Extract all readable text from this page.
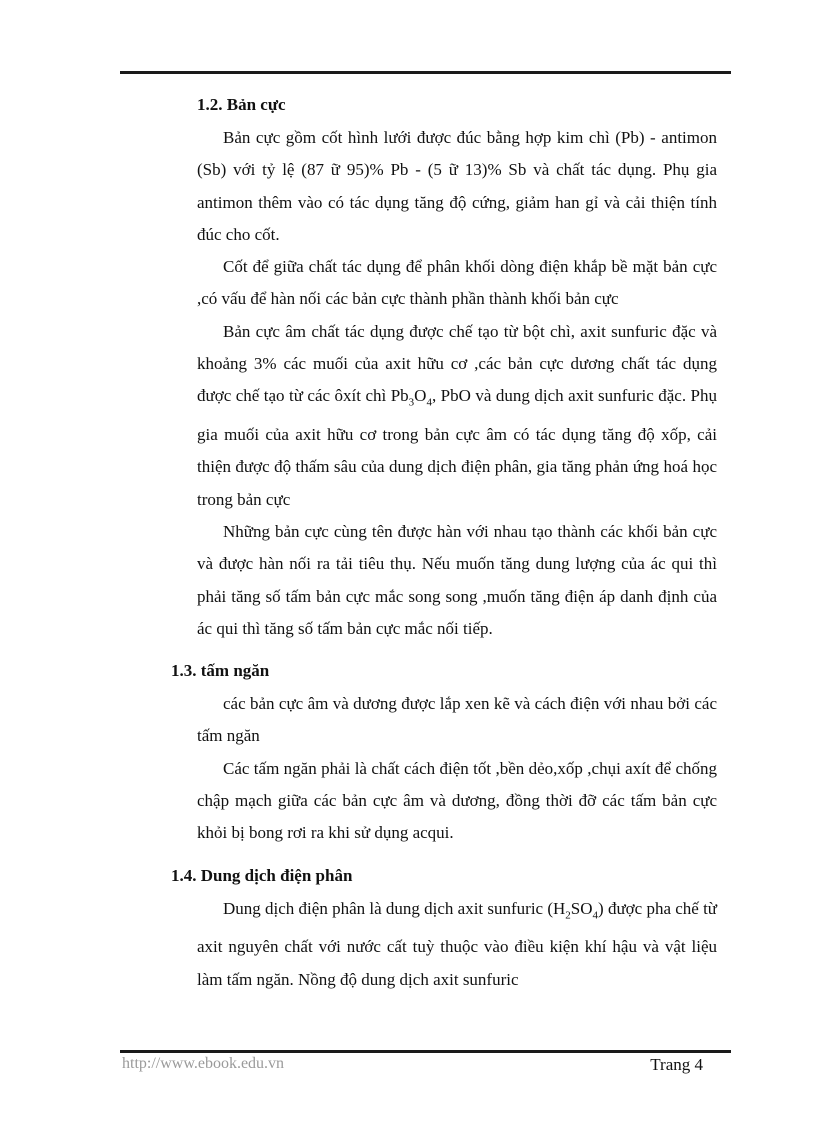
1.2. Bản cực

Bản cực gồm cốt hình lưới được đúc bằng hợp kim chì (Pb) - antimon (Sb) với tỷ lệ (87 ữ 95)% Pb - (5 ữ 13)% Sb và chất tác dụng. Phụ gia antimon thêm vào có tác dụng tăng độ cứng, giảm han gỉ và cải thiện tính đúc cho cốt.

Cốt để giữa chất tác dụng để phân khối dòng điện khắp bề mặt bản cực ,có vấu để hàn nối các bản cực thành phần thành khối bản cực

Bản cực âm chất tác dụng được chế tạo từ bột chì, axit sunfuric đặc và khoảng 3% các muối của axit hữu cơ ,các bản cực dương chất tác dụng được chế tạo từ các ôxít chì $Pb_3O_4$, PbO và dung dịch axit sunfuric đặc. Phụ gia muối của axit hữu cơ trong bản cực âm có tác dụng tăng độ xốp, cải thiện được độ thấm sâu của dung dịch điện phân, gia tăng phản ứng hoá học trong bản cực

Những bản cực cùng tên được hàn với nhau tạo thành các khối bản cực và được hàn nối ra tải tiêu thụ. Nếu muốn tăng dung lượng của ác qui thì phải tăng số tấm bản cực mắc song song ,muốn tăng điện áp danh định của ác qui thì tăng số tấm bản cực mắc nối tiếp.

1.3. tấm ngăn

các bản cực âm và dương được lắp xen kẽ và cách điện với nhau bởi các tấm ngăn

Các tấm ngăn phải là chất cách điện tốt ,bền dẻo,xốp ,chụi axít để chống chập mạch giữa các bản cực âm và dương, đồng thời đỡ các tấm bản cực khỏi bị bong rơi ra khi sử dụng acqui.

1.4. Dung dịch điện phân

Dung dịch điện phân là dung dịch axit sunfuric $(H_2SO_4)$ được pha chế từ axit nguyên chất với nước cất tuỳ thuộc vào điều kiện khí hậu và vật liệu làm tấm ngăn. Nồng độ dung dịch axit sunfuric

http://www.ebook.edu.vn	Trang 4
